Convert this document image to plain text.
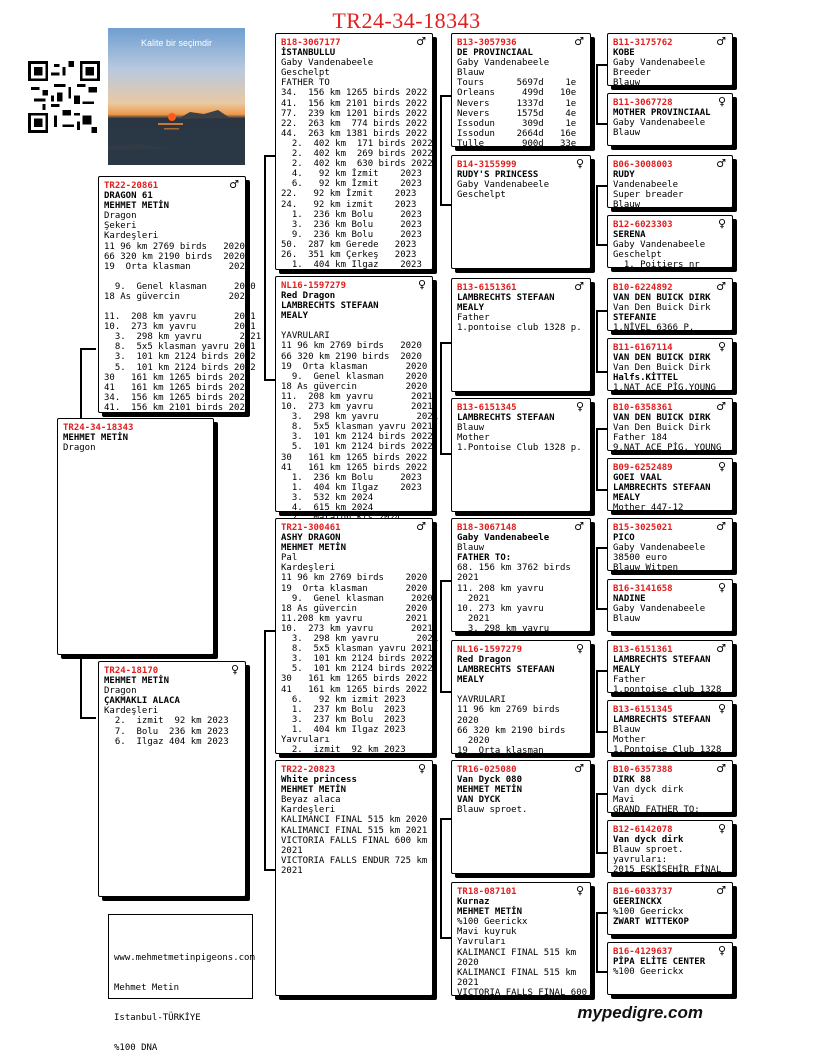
TR24-34-18343
Kalite bir seçimdir
TR24-34-18343
MEHMET METİN
Dragon
TR22-20861	♂
DRAGON 61
MEHMET METİN
Dragon
Şekeri
Kardeşleri
11 96 km 2769 birds   2020
66 320 km 2190 birds  2020
19  Orta klasman       2020
9.  Genel klasman     2020
18 As güvercin         2020
11.  208 km yavru       2021
10.  273 km yavru       2021
3.  298 km yavru       2021
8.  5x5 klasman yavru 2021
3.  101 km 2124 birds 2022
5.  101 km 2124 birds 2022
30   161 km 1265 birds 2022
41   161 km 1265 birds 2022
34.  156 km 1265 birds 2022
41.  156 km 2101 birds 2022
TR24-18170	♀
MEHMET METİN
Dragon
ÇAKMAKLI ALACA
Kardeşleri
2.  izmit  92 km 2023
7.  Bolu  236 km 2023
6.  Ilgaz 404 km 2023
B18-3067177	♂
İSTANBULLU
Gaby Vandenabeele
Geschelpt
FATHER TO
34.  156 km 1265 birds 2022
41.  156 km 2101 birds 2022
77.  239 km 1201 birds 2022
22.  263 km  774 birds 2022
44.  263 km 1381 birds 2022
2.  402 km  171 birds 2022
2.  402 km  269 birds 2022
2.  402 km  630 birds 2022
4.   92 km İzmit    2023
6.   92 km İzmit    2023
22.   92 km İzmit    2023
24.   92 km izmit    2023
1.  236 km Bolu     2023
3.  236 km Bolu     2023
9.  236 km Bolu     2023
50.  287 km Gerede   2023
26.  351 km Çerkeş   2023
1.  404 km Ilgaz    2023
NL16-1597279	♀
Red Dragon
LAMBRECHTS STEFAAN
MEALY
YAVRULARI
11 96 km 2769 birds   2020
66 320 km 2190 birds  2020
19  Orta klasman       2020
9.  Genel klasman    2020
18 As güvercin         2020
11.  208 km yavru       2021
10.  273 km yavru       2021
3.  298 km yavru       2021
8.  5x5 klasman yavru 2021
3.  101 km 2124 birds 2022
5.  101 km 2124 birds 2022
30   161 km 1265 birds 2022
41   161 km 1265 birds 2022
1.  236 km Bolu     2023
1.  404 km Ilgaz    2023
3.  532 km 2024
4.  615 km 2024
TR21-300461	♂
ASHY DRAGON
MEHMET METİN
Pal
Kardeşleri
11 96 km 2769 birds    2020
19  Orta klasman       2020
9.  Genel klasman     2020
18 As güvercin         2020
11.208 km yavru        2021
10.  273 km yavru       2021
3.  298 km yavru       2021
8.  5x5 klasman yavru 2021
3.  101 km 2124 birds 2022
5.  101 km 2124 birds 2022
30   161 km 1265 birds 2022
41   161 km 1265 birds 2022
6.   92 km izmit 2023
1.  237 km Bolu  2023
3.  237 km Bolu  2023
1.  404 km Ilgaz 2023
Yavruları
2.  izmit  92 km 2023
TR22-20823	♀
White princess
MEHMET METİN
Beyaz alaca
Kardeşleri
KALIMANCI FINAL 515 km 2020
KALIMANCI FINAL 515 km 2021
VICTORIA FALLS FINAL 600 km
2021
VICTORIA FALLS ENDUR 725 km
2021
B13-3057936	♂
DE PROVINCIAAL
Gaby Vandenabeele
Blauw
Tours      5697d    1e
Orleans     499d   10e
Nevers     1337d    1e
Nevers     1575d    4e
Issodun     309d    1e
Issodun    2664d   16e
Tulle       900d   33e
B14-3155999	♀
RUDY'S PRINCESS
Gaby Vandenabeele
Geschelpt
B13-6151361	♂
LAMBRECHTS STEFAAN
MEALY
Father
1.pontoise club 1328 p.
B13-6151345	♀
LAMBRECHTS STEFAAN
Blauw
Mother
1.Pontoise Club 1328 p.
B18-3067148	♂
Gaby Vandenabeele
Blauw
FATHER TO:
68. 156 km 3762 birds
2021
11. 208 km yavru
2021
10. 273 km yavru
2021
3. 298 km yavru
NL16-1597279	♀
Red Dragon
LAMBRECHTS STEFAAN
MEALY
YAVRULARI
11 96 km 2769 birds
2020
66 320 km 2190 birds
2020
19  Orta klasman
TR16-025080	♂
Van Dyck 080
MEHMET METİN
VAN DYCK
Blauw sproet.
TR18-087101	♀
Kurnaz
MEHMET METİN
%100 Geerickx
Mavi kuyruk
Yavruları
KALIMANCI FINAL 515 km
2020
KALIMANCI FINAL 515 km
2021
VICTORIA FALLS FINAL 600
B11-3175762	♂
KOBE
Gaby Vandenabeele
Breeder
Blauw
B11-3067728	♀
MOTHER PROVINCIAAL
Gaby Vandenabeele
Blauw
B06-3008003	♂
RUDY
Vandenabeele
Super breader
Blauw
B12-6023303	♀
SERENA
Gaby Vandenabeele
Geschelpt
1. Poitiers nr
B10-6224892	♂
VAN DEN BUICK DIRK
Van Den Buick Dirk
STEFANIE
1.NİVEL 6366 P.
B11-6167114	♀
VAN DEN BUICK DIRK
Van Den Buick Dirk
Halfs.KİTTEL
1.NAT ACE PİG.YOUNG
B10-6358361	♂
VAN DEN BUICK DIRK
Van Den Buick Dirk
Father 184
9.NAT ACE PİG. YOUNG
B09-6252489	♀
GOEI VAAL
LAMBRECHTS STEFAAN
MEALY
Mother 447-12
B15-3025021	♂
PICO
Gaby Vandenabeele
38500 euro
Blauw Witpen
B16-3141658	♀
NADINE
Gaby Vandenabeele
Blauw
B13-6151361	♂
LAMBRECHTS STEFAAN
MEALY
Father
1.pontoise club 1328
B13-6151345	♀
LAMBRECHTS STEFAAN
Blauw
Mother
1.Pontoise Club 1328
B10-6357388	♂
DIRK 88
Van dyck dirk
Mavi
GRAND FATHER TO:
B12-6142078	♀
Van dyck dirk
Blauw sproet.
yavruları:
2015 ESKİŞEHİR FİNAL
B16-6033737	♂
GEERINCKX
%100 Geerickx
ZWART WITTEKOP
B16-4129637	♀
PİPA ELİTE CENTER
%100 Geerickx

www.mehmetmetinpigeons.com

Mehmet Metin

Istanbul-TÜRKİYE

%100 DNA

mypedigre.com
